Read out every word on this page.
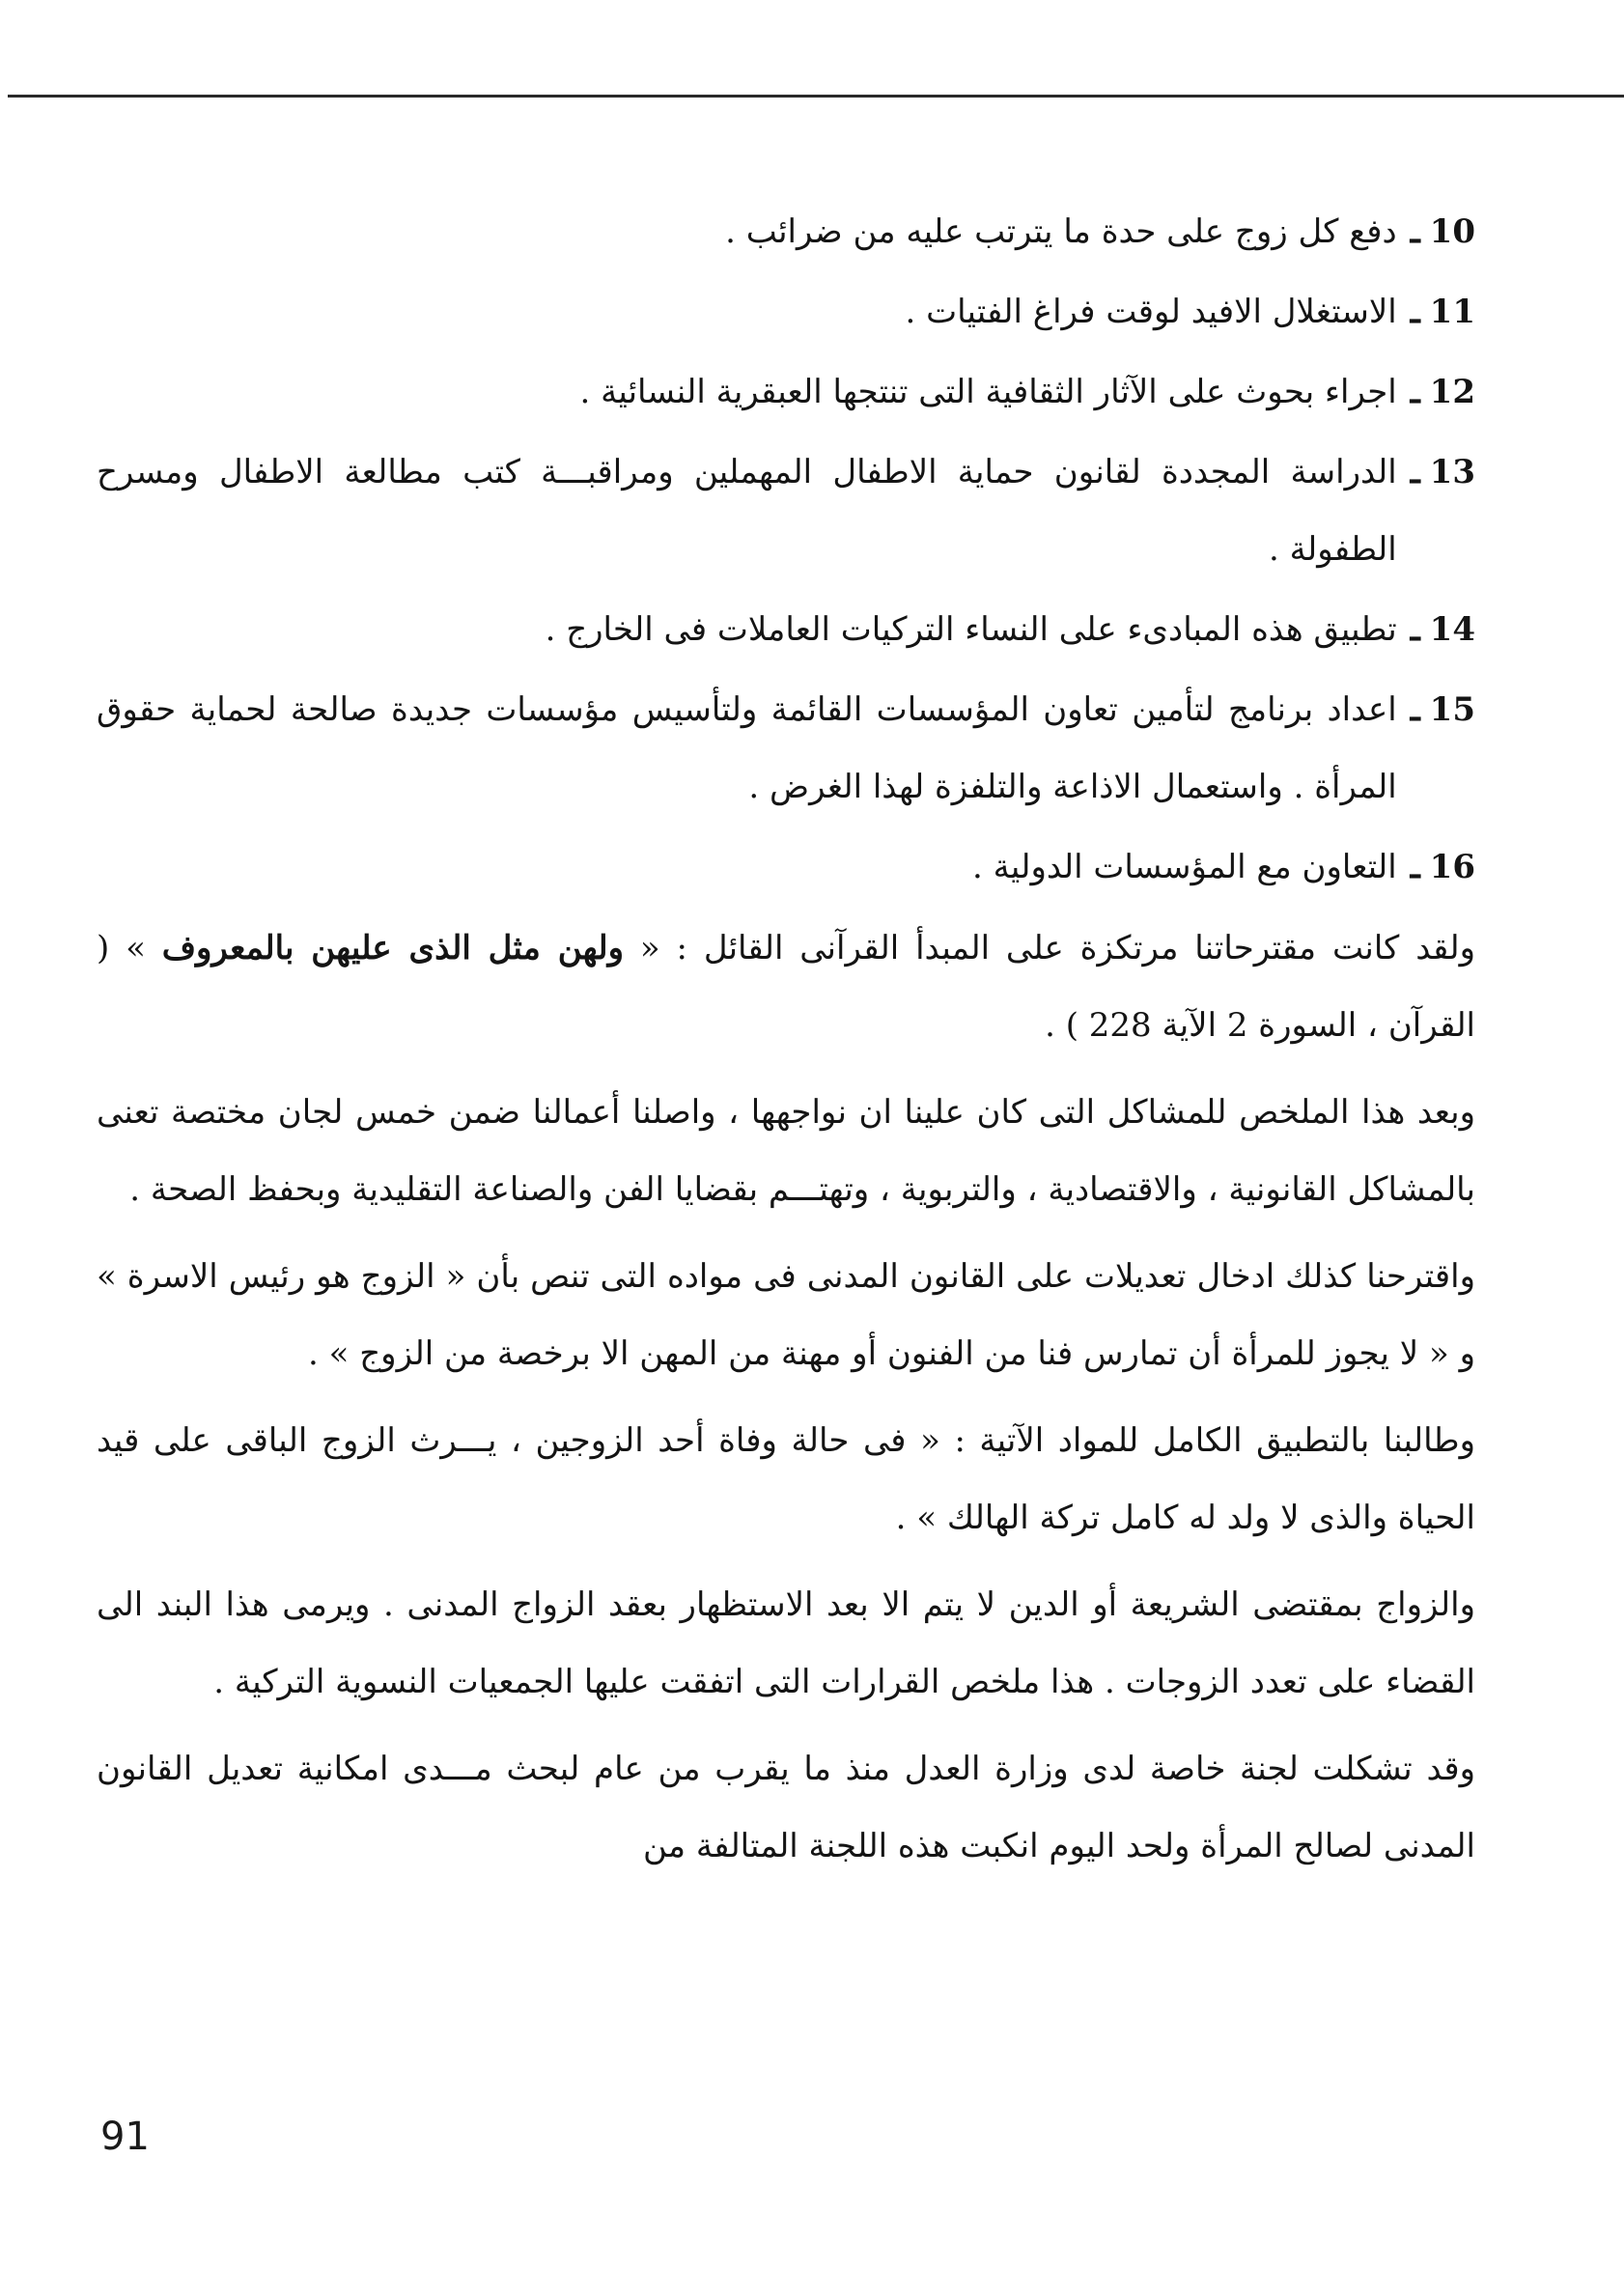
10
ـ
دفع كل زوج على حدة ما يترتب عليه من ضرائب .
11
ـ
الاستغلال الافيد لوقت فراغ الفتيات .
12
ـ
اجراء بحوث على الآثار الثقافية التى تنتجها العبقرية النسائية .
13
ـ
الدراسة المجددة لقانون حماية الاطفال المهملين ومراقبـــة كتب مطالعة الاطفال ومسرح الطفولة .
14
ـ
تطبيق هذه المبادىء على النساء التركيات العاملات فى الخارج .
15
ـ
اعداد برنامج لتأمين تعاون المؤسسات القائمة ولتأسيس مؤسسات جديدة صالحة لحماية حقوق المرأة . واستعمال الاذاعة والتلفزة لهذا الغرض .
16
ـ
التعاون مع المؤسسات الدولية .

ولقد كانت مقترحاتنا مرتكزة على المبدأ القرآنى القائل : « ولهن مثل الذى عليهن بالمعروف » ( القرآن ، السورة 2 الآية 228 ) .

وبعد هذا الملخص للمشاكل التى كان علينا ان نواجهها ، واصلنا أعمالنا ضمن خمس لجان مختصة تعنى بالمشاكل القانونية ، والاقتصادية ، والتربوية ، وتهتـــم بقضايا الفن والصناعة التقليدية وبحفظ الصحة .

واقترحنا كذلك ادخال تعديلات على القانون المدنى فى مواده التى تنص بأن « الزوج هو رئيس الاسرة » و « لا يجوز للمرأة أن تمارس فنا من الفنون أو مهنة من المهن الا برخصة من الزوج » .

وطالبنا بالتطبيق الكامل للمواد الآتية : « فى حالة وفاة أحد الزوجين ، يـــرث الزوج الباقى على قيد الحياة والذى لا ولد له كامل تركة الهالك » .

والزواج بمقتضى الشريعة أو الدين لا يتم الا بعد الاستظهار بعقد الزواج المدنى . ويرمى هذا البند الى القضاء على تعدد الزوجات . هذا ملخص القرارات التى اتفقت عليها الجمعيات النسوية التركية .

وقد تشكلت لجنة خاصة لدى وزارة العدل منذ ما يقرب من عام لبحث مـــدى امكانية تعديل القانون المدنى لصالح المرأة ولحد اليوم انكبت هذه اللجنة المتالفة من

91
